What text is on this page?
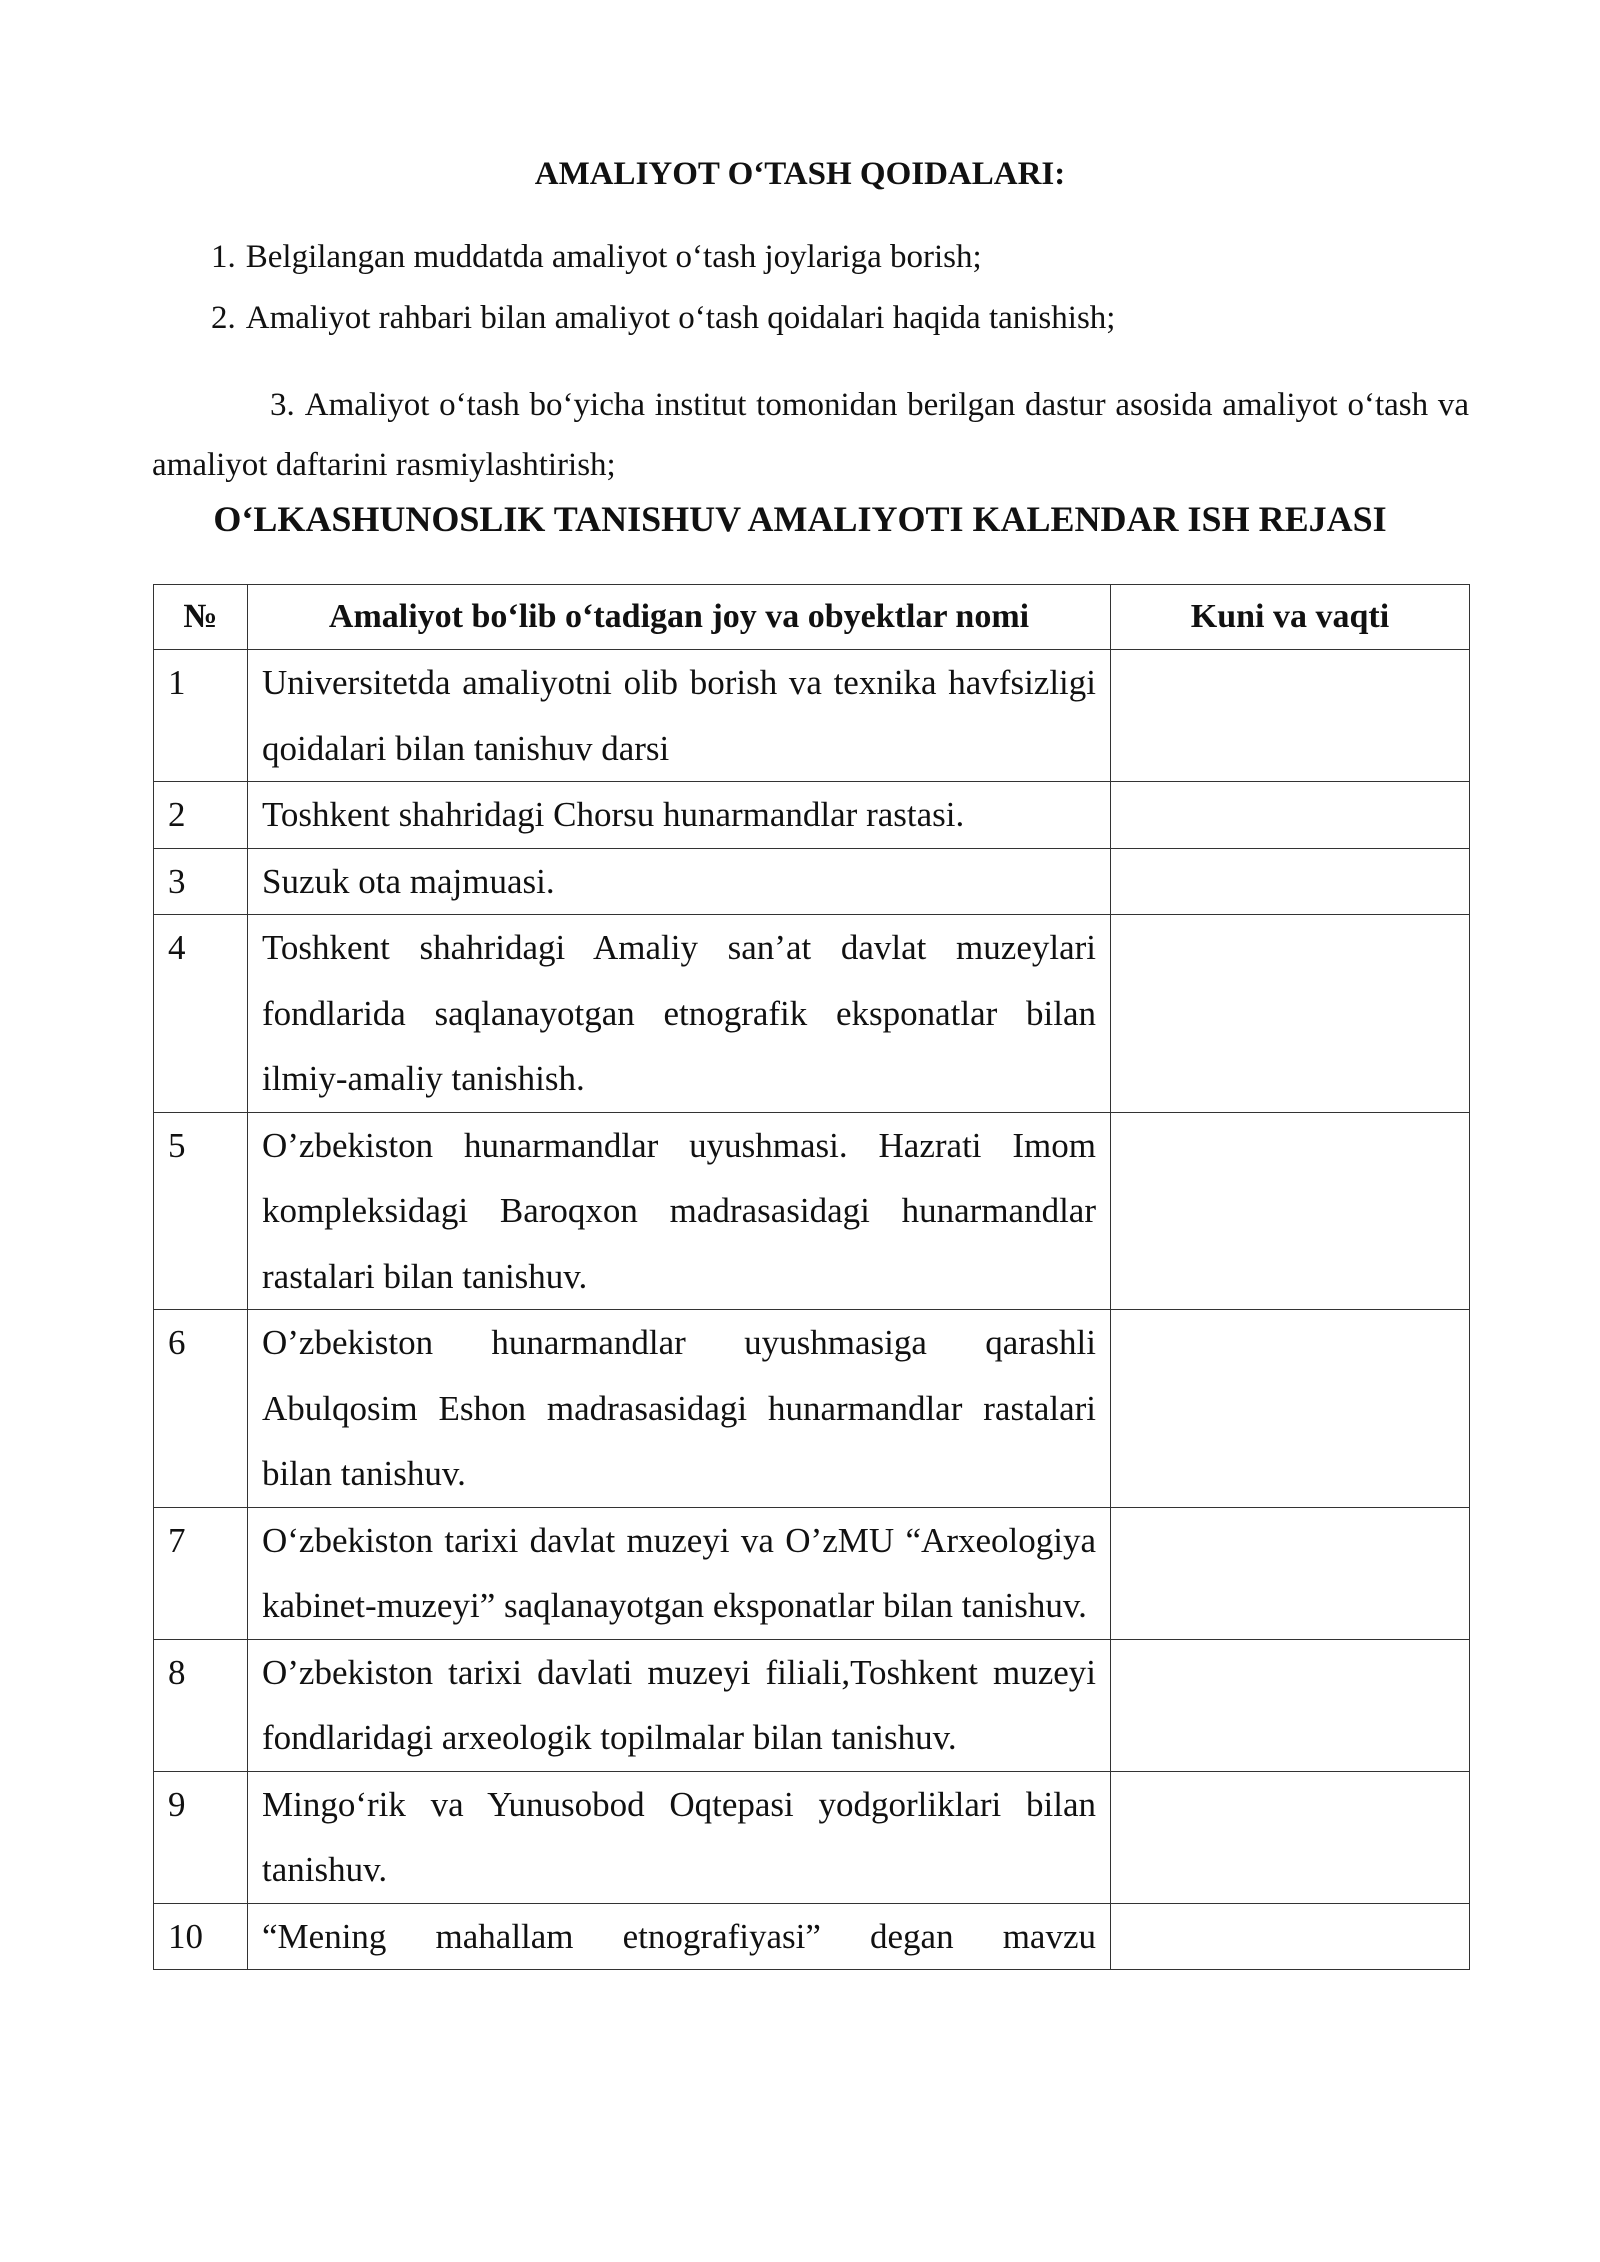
AMALIYOT O‘TASH QOIDALARI:

1. Belgilangan muddatda amaliyot o‘tash joylariga borish;

2. Amaliyot rahbari bilan amaliyot o‘tash qoidalari haqida tanishish;

3. Amaliyot o‘tash bo‘yicha institut tomonidan berilgan dastur asosida amaliyot o‘tash va amaliyot daftarini rasmiylashtirish;

O‘LKASHUNOSLIK TANISHUV AMALIYOTI KALENDAR ISH REJASI
№	Amaliyot bo‘lib o‘tadigan joy va obyektlar nomi	Kuni va vaqti
1	Universitetda amaliyotni olib borish va texnika havfsizligi qoidalari bilan tanishuv darsi	
2	Toshkent shahridagi Chorsu hunarmandlar rastasi.	
3	Suzuk ota majmuasi.	
4	Toshkent shahridagi Amaliy san’at davlat muzeylari fondlarida saqlanayotgan etnografik eksponatlar bilan ilmiy-amaliy tanishish.	
5	O’zbekiston hunarmandlar uyushmasi. Hazrati Imom kompleksidagi Baroqxon madrasasidagi hunarmandlar rastalari bilan tanishuv.	
6	O’zbekiston hunarmandlar uyushmasiga qarashli Abulqosim Eshon madrasasidagi hunarmandlar rastalari bilan tanishuv.	
7	O‘zbekiston tarixi davlat muzeyi va O’zMU “Arxeologiya kabinet-muzeyi” saqlanayotgan eksponatlar bilan tanishuv.	
8	O’zbekiston tarixi davlati muzeyi filiali,Toshkent muzeyi fondlaridagi arxeologik topilmalar bilan tanishuv.	
9	Mingo‘rik va Yunusobod Oqtepasi yodgorliklari bilan tanishuv.	
10	“Mening mahallam etnografiyasi” degan mavzu	
